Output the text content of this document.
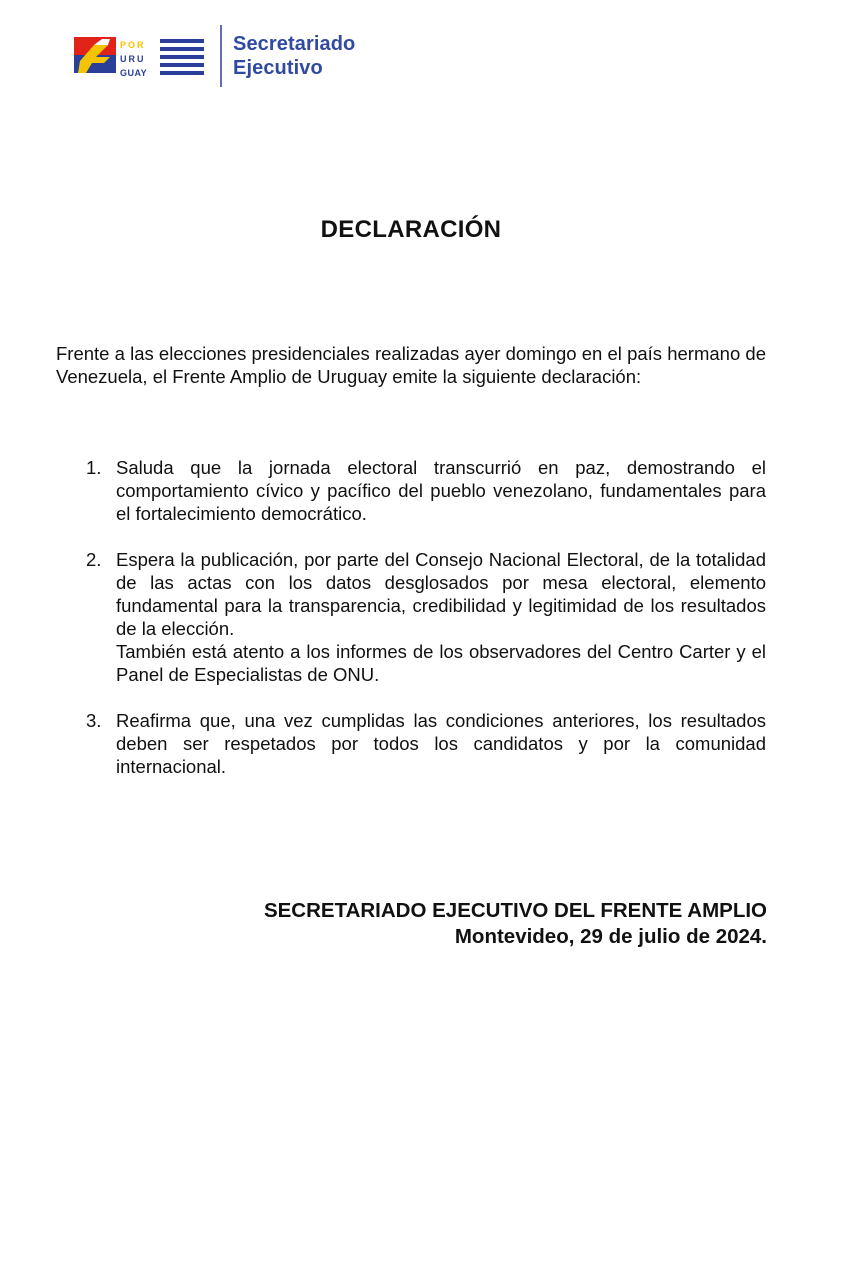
POR
URU
GUAY
Secretariado
Ejecutivo
DECLARACIÓN

Frente a las elecciones presidenciales realizadas ayer domingo en el país hermano de Venezuela, el Frente Amplio de Uruguay emite la siguiente declaración:

1. Saluda que la jornada electoral transcurrió en paz, demostrando el comportamiento cívico y pacífico del pueblo venezolano, fundamentales para el fortalecimiento democrático.

2. Espera la publicación, por parte del Consejo Nacional Electoral, de la totalidad de las actas con los datos desglosados por mesa electoral, elemento fundamental para la transparencia, credibilidad y legitimidad de los resultados de la elección.

También está atento a los informes de los observadores del Centro Carter y el Panel de Especialistas de ONU.

3. Reafirma que, una vez cumplidas las condiciones anteriores, los resultados deben ser respetados por todos los candidatos y por la comunidad internacional.

SECRETARIADO EJECUTIVO DEL FRENTE AMPLIO
Montevideo, 29 de julio de 2024.
